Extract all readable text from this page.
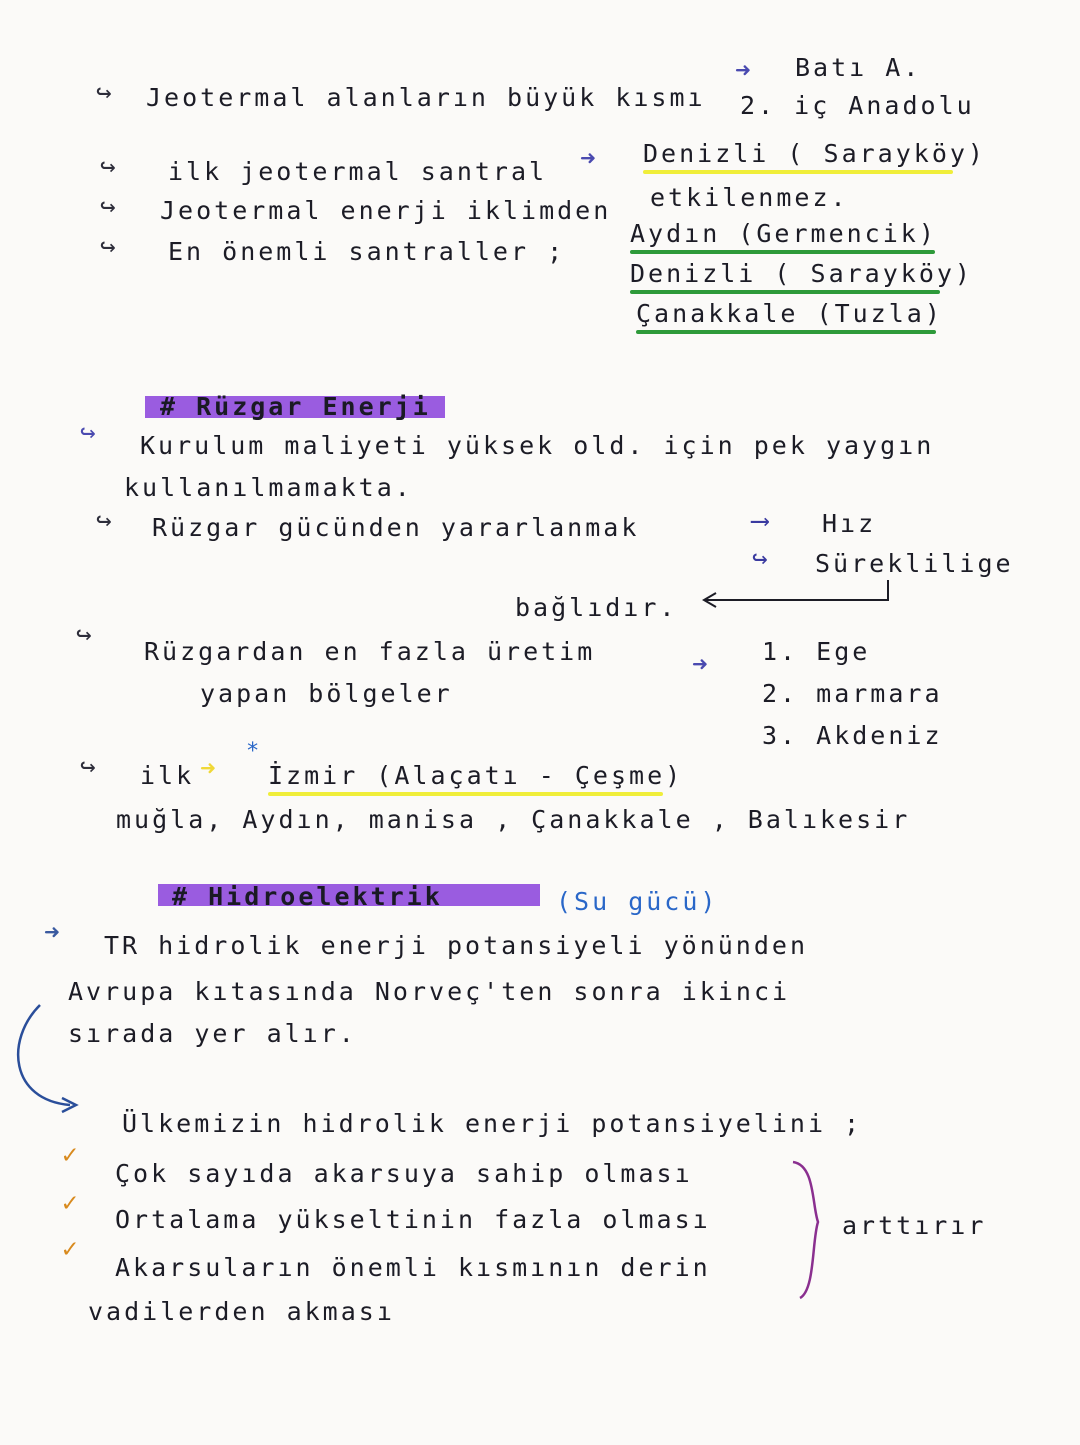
↪ Jeotermal alanların büyük kısmı
➜ Batı A.
2. iç Anadolu
↪ ilk jeotermal santral ➜ Denizli ( Sarayköy)
↪ Jeotermal enerji iklimden etkilenmez.
↪ En önemli santraller ;
Aydın (Germencik)
Denizli ( Sarayköy)
Çanakkale (Tuzla)
# Rüzgar Enerji
↪ Kurulum maliyeti yüksek old. için pek yaygın
kullanılmamakta.
↪ Rüzgar gücünden yararlanmak	⟶ Hız
↪ Süreklilige
bağlıdır.
↪
Rüzgardan en fazla üretim
yapan bölgeler
➜ 1. Ege
2. marmara
3. Akdeniz
↪ ilk ➜
*
İzmir (Alaçatı - Çeşme)
muğla, Aydın, manisa , Çanakkale , Balıkesir
# Hidroelektrik	(Su gücü)
➜ TR hidrolik enerji potansiyeli yönünden
Avrupa kıtasında Norveç'ten sonra ikinci
sırada yer alır.
Ülkemizin hidrolik enerji potansiyelini ;
✓
Çok sayıda akarsuya sahip olması
✓
Ortalama yükseltinin fazla olması
✓
Akarsuların önemli kısmının derin
vadilerden akması
arttırır
